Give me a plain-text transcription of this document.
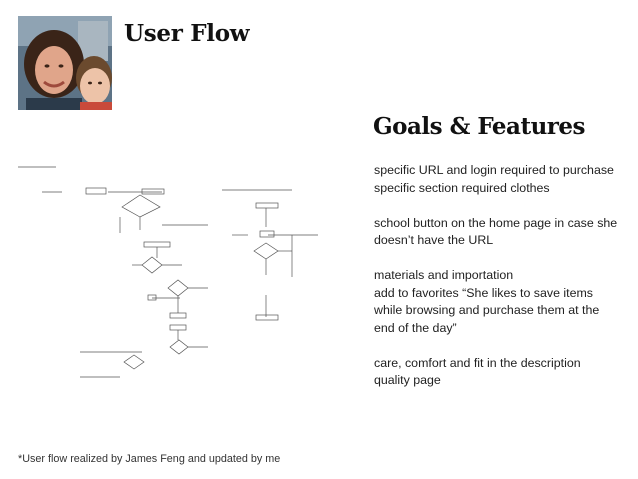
User Flow
Goals & Features
specific URL and login required to purchase
specific section required clothes
school button on the home page in case she
doesn’t have the URL
materials and importation
add to favorites “She likes to save items
while browsing and purchase them at the
end of the day”
care, comfort and fit in the description
quality page
*User flow realized by James Feng and updated by me
